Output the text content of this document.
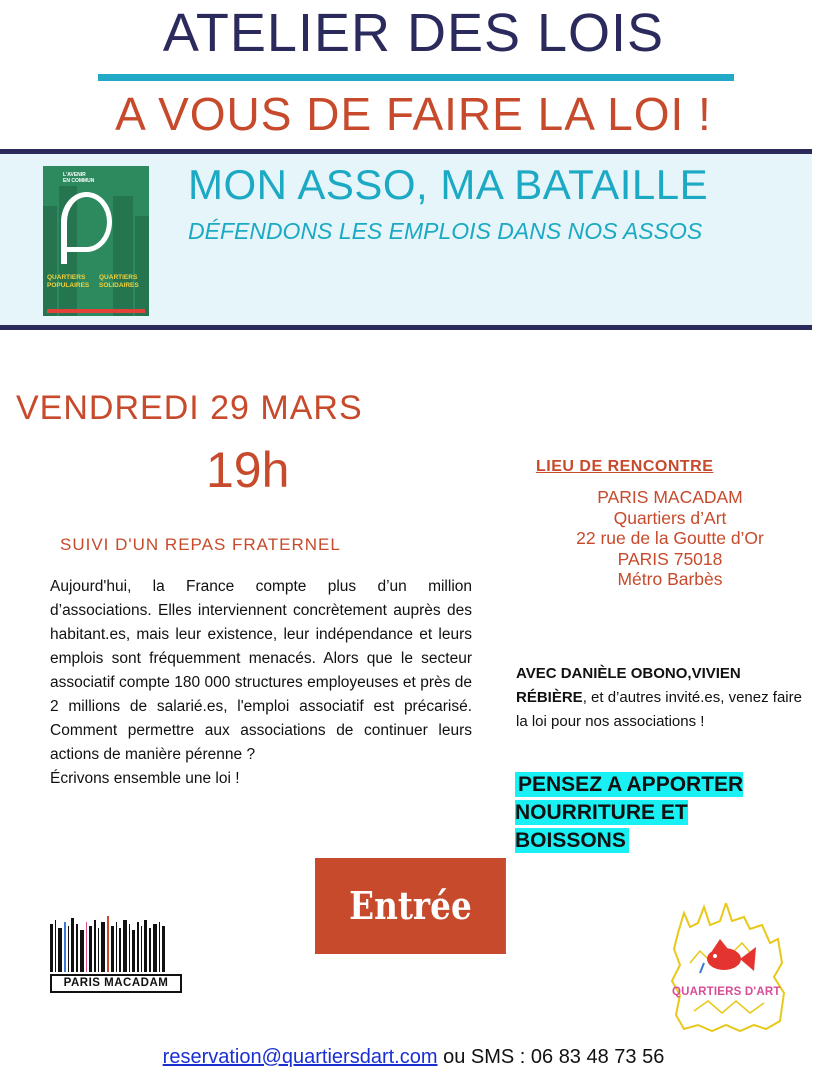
ATELIER DES LOIS
A VOUS DE FAIRE LA LOI !
L'AVENIR
EN COMMUN
QUARTIERS
POPULAIRES
QUARTIERS
SOLIDAIRES
MON ASSO, MA BATAILLE
DÉFENDONS LES EMPLOIS DANS NOS ASSOS
VENDREDI 29 MARS
19h
SUIVI D'UN REPAS FRATERNEL

Aujourd'hui, la France compte plus d’un million d’associations. Elles interviennent concrètement auprès des habitant.es, mais leur existence, leur indépendance et leurs emplois sont fréquemment menacés. Alors que le secteur associatif compte 180 000 structures employeuses et près de 2 millions de salarié.es, l'emploi associatif est précarisé. Comment permettre aux associations de continuer leurs actions de manière pérenne ?

Écrivons ensemble une loi !

LIEU DE RENCONTRE
PARIS MACADAM
Quartiers d’Art
22 rue de la Goutte d’Or
PARIS 75018
Métro Barbès
AVEC DANIÈLE OBONO,VIVIEN RÉBIÈRE, et d’autres invité.es, venez faire la loi pour nos associations !
PENSEZ A APPORTER NOURRITURE ET BOISSONS
Entrée libre
PARIS MACADAM
QUARTIERS D'ART
reservation@quartiersdart.com ou SMS : 06 83 48 73 56
